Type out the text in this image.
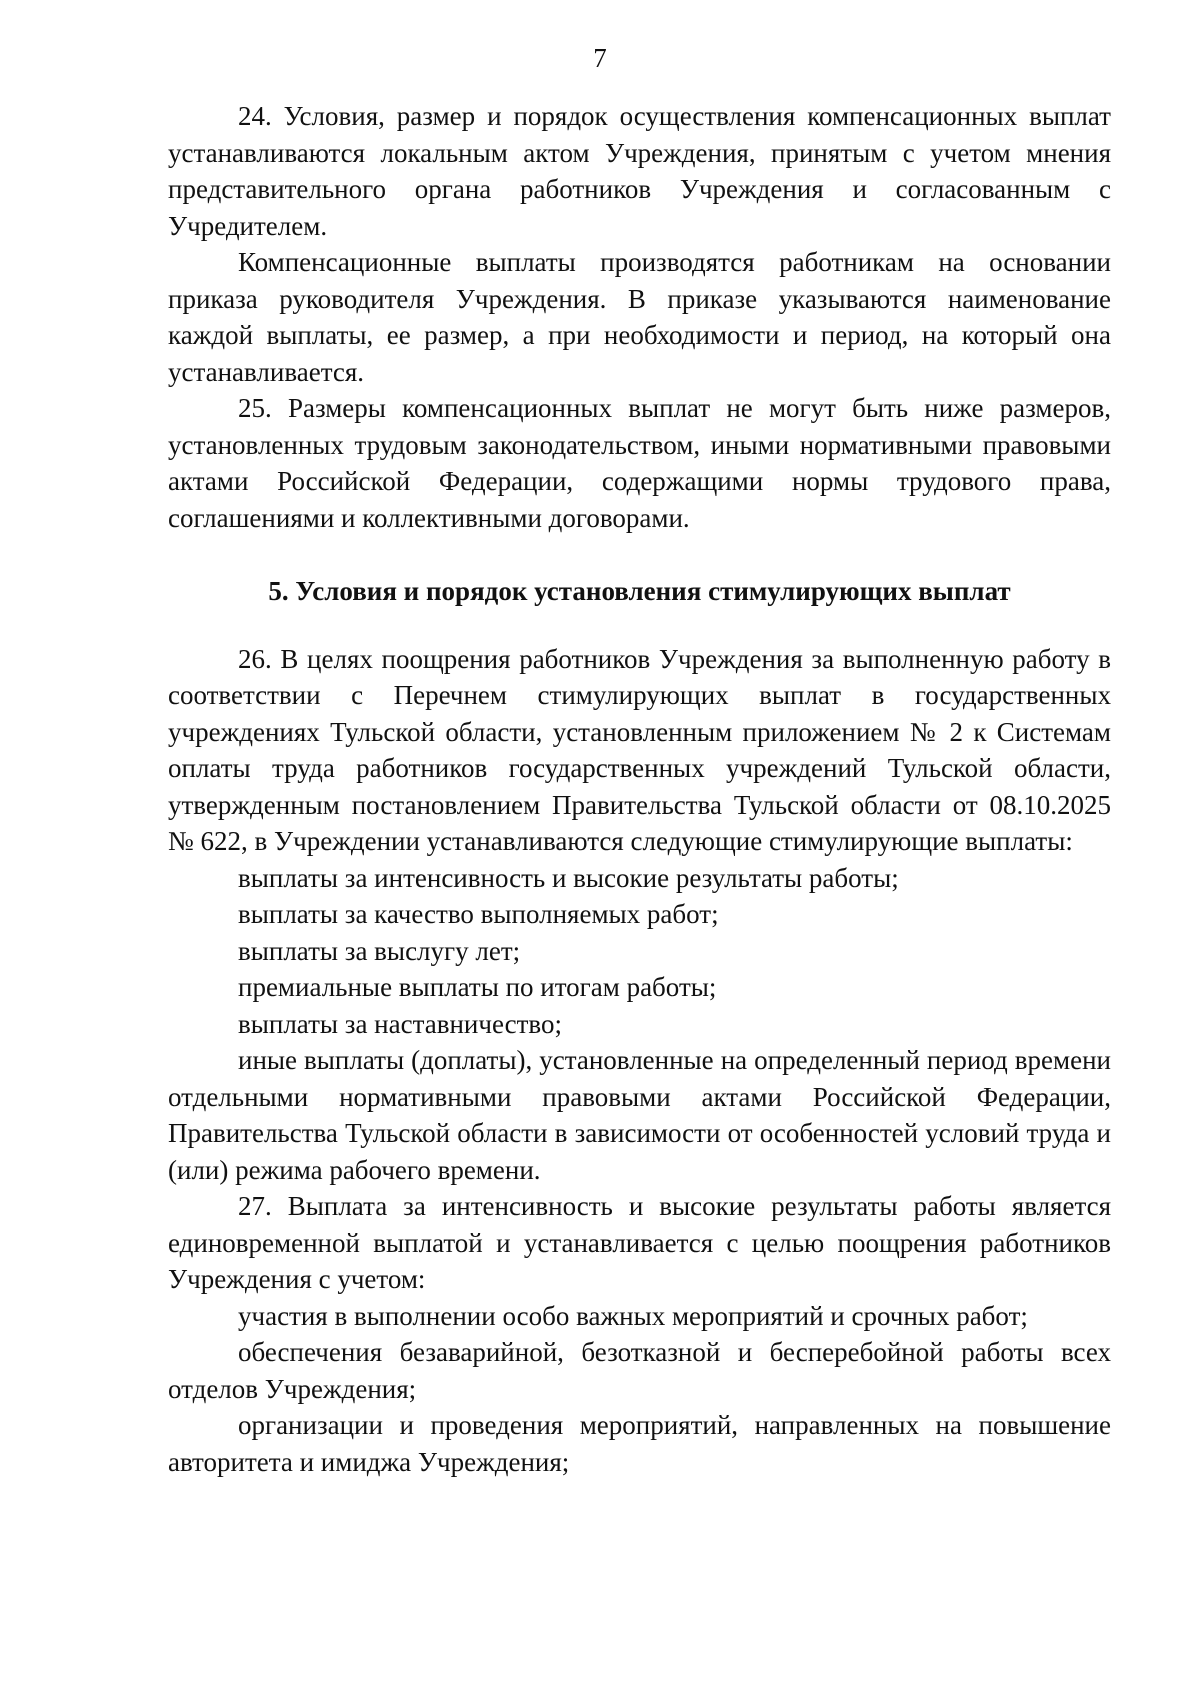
7

24. Условия, размер и порядок осуществления компенсационных выплат устанавливаются локальным актом Учреждения, принятым с учетом мнения представительного органа работников Учреждения и согласованным с Учредителем.

Компенсационные выплаты производятся работникам на основании приказа руководителя Учреждения. В приказе указываются наименование каждой выплаты, ее размер, а при необходимости и период, на который она устанавливается.

25. Размеры компенсационных выплат не могут быть ниже размеров, установленных трудовым законодательством, иными нормативными правовыми актами Российской Федерации, содержащими нормы трудового права, соглашениями и коллективными договорами.

5. Условия и порядок установления стимулирующих выплат

26. В целях поощрения работников Учреждения за выполненную работу в соответствии с Перечнем стимулирующих выплат в государственных учреждениях Тульской области, установленным приложением № 2 к Системам оплаты труда работников государственных учреждений Тульской области, утвержденным постановлением Правительства Тульской области от 08.10.2025 № 622, в Учреждении устанавливаются следующие стимулирующие выплаты:

выплаты за интенсивность и высокие результаты работы;

выплаты за качество выполняемых работ;

выплаты за выслугу лет;

премиальные выплаты по итогам работы;

выплаты за наставничество;

иные выплаты (доплаты), установленные на определенный период времени отдельными нормативными правовыми актами Российской Федерации, Правительства Тульской области в зависимости от особенностей условий труда и (или) режима рабочего времени.

27. Выплата за интенсивность и высокие результаты работы является единовременной выплатой и устанавливается с целью поощрения работников Учреждения с учетом:

участия в выполнении особо важных мероприятий и срочных работ;

обеспечения безаварийной, безотказной и бесперебойной работы всех отделов Учреждения;

организации и проведения мероприятий, направленных на повышение авторитета и имиджа Учреждения;
